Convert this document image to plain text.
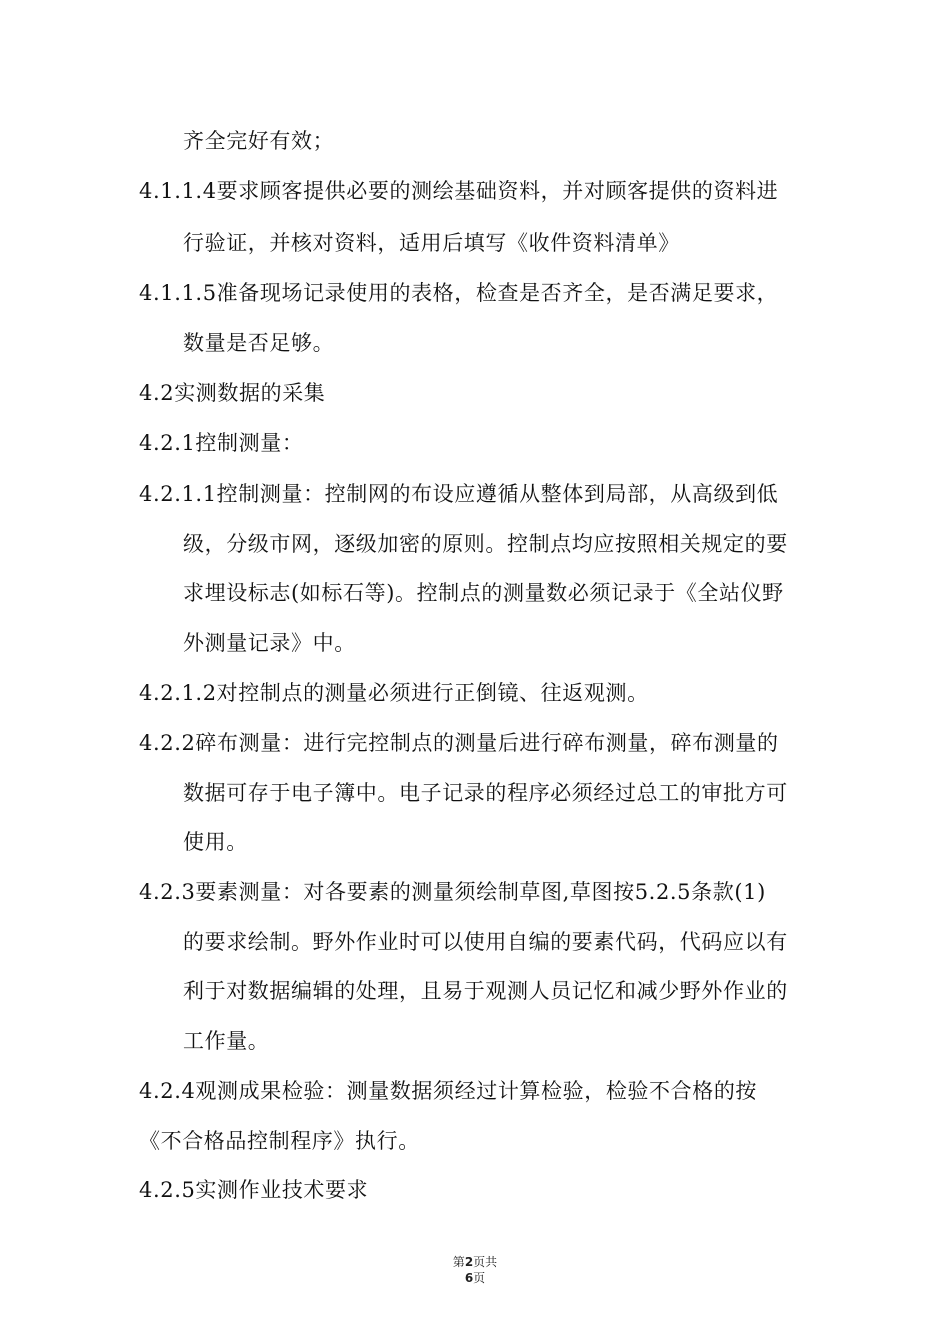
齐全完好有效；
4.1.1.4要求顾客提供必要的测绘基础资料，并对顾客提供的资料进
行验证，并核对资料，适用后填写《收件资料清单》
4.1.1.5准备现场记录使用的表格，检查是否齐全，是否满足要求，
数量是否足够。
4.2实测数据的采集
4.2.1控制测量：
4.2.1.1控制测量：控制网的布设应遵循从整体到局部，从高级到低
级，分级市网，逐级加密的原则。控制点均应按照相关规定的要
求埋设标志(如标石等)。控制点的测量数必须记录于《全站仪野
外测量记录》中。
4.2.1.2对控制点的测量必须进行正倒镜、往返观测。
4.2.2碎布测量：进行完控制点的测量后进行碎布测量，碎布测量的
数据可存于电子簿中。电子记录的程序必须经过总工的审批方可
使用。
4.2.3要素测量：对各要素的测量须绘制草图,草图按5.2.5条款(1)
的要求绘制。野外作业时可以使用自编的要素代码，代码应以有
利于对数据编辑的处理，且易于观测人员记忆和减少野外作业的
工作量。
4.2.4观测成果检验：测量数据须经过计算检验，检验不合格的按
《不合格品控制程序》执行。
4.2.5实测作业技术要求
第2页共
6页
